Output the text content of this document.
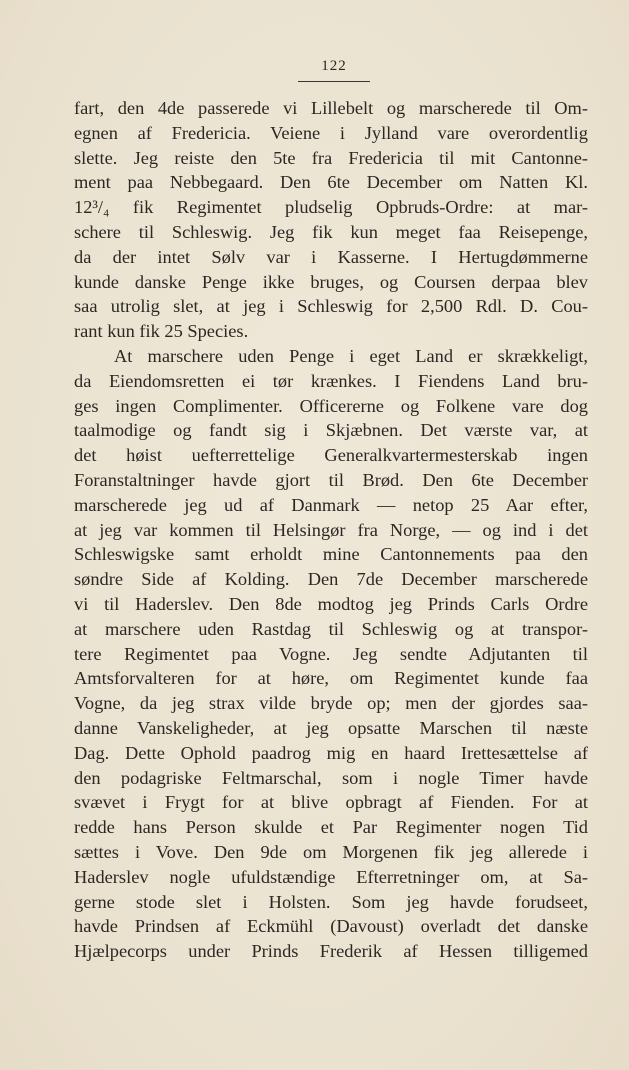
122
fart, den 4de passerede vi Lillebelt og marscherede til Om-
egnen af Fredericia. Veiene i Jylland vare overordentlig
slette. Jeg reiste den 5te fra Fredericia til mit Cantonne-
ment paa Nebbegaard. Den 6te December om Natten Kl.
12³/₄ fik Regimentet pludselig Opbruds-Ordre: at mar-
schere til Schleswig. Jeg fik kun meget faa Reisepenge,
da der intet Sølv var i Kasserne. I Hertugdømmerne
kunde danske Penge ikke bruges, og Coursen derpaa blev
saa utrolig slet, at jeg i Schleswig for 2,500 Rdl. D. Cou-
rant kun fik 25 Species.
At marschere uden Penge i eget Land er skrækkeligt,
da Eiendomsretten ei tør krænkes. I Fiendens Land bru-
ges ingen Complimenter. Officererne og Folkene vare dog
taalmodige og fandt sig i Skjæbnen. Det værste var, at
det høist uefterrettelige Generalkvartermesterskab ingen
Foranstaltninger havde gjort til Brød. Den 6te December
marscherede jeg ud af Danmark — netop 25 Aar efter,
at jeg var kommen til Helsingør fra Norge, — og ind i det
Schleswigske samt erholdt mine Cantonnements paa den
søndre Side af Kolding. Den 7de December marscherede
vi til Haderslev. Den 8de modtog jeg Prinds Carls Ordre
at marschere uden Rastdag til Schleswig og at transpor-
tere Regimentet paa Vogne. Jeg sendte Adjutanten til
Amtsforvalteren for at høre, om Regimentet kunde faa
Vogne, da jeg strax vilde bryde op; men der gjordes saa-
danne Vanskeligheder, at jeg opsatte Marschen til næste
Dag. Dette Ophold paadrog mig en haard Irettesættelse af
den podagriske Feltmarschal, som i nogle Timer havde
svævet i Frygt for at blive opbragt af Fienden. For at
redde hans Person skulde et Par Regimenter nogen Tid
sættes i Vove. Den 9de om Morgenen fik jeg allerede i
Haderslev nogle ufuldstændige Efterretninger om, at Sa-
gerne stode slet i Holsten. Som jeg havde forudseet,
havde Prindsen af Eckmühl (Davoust) overladt det danske
Hjælpecorps under Prinds Frederik af Hessen tilligemed
